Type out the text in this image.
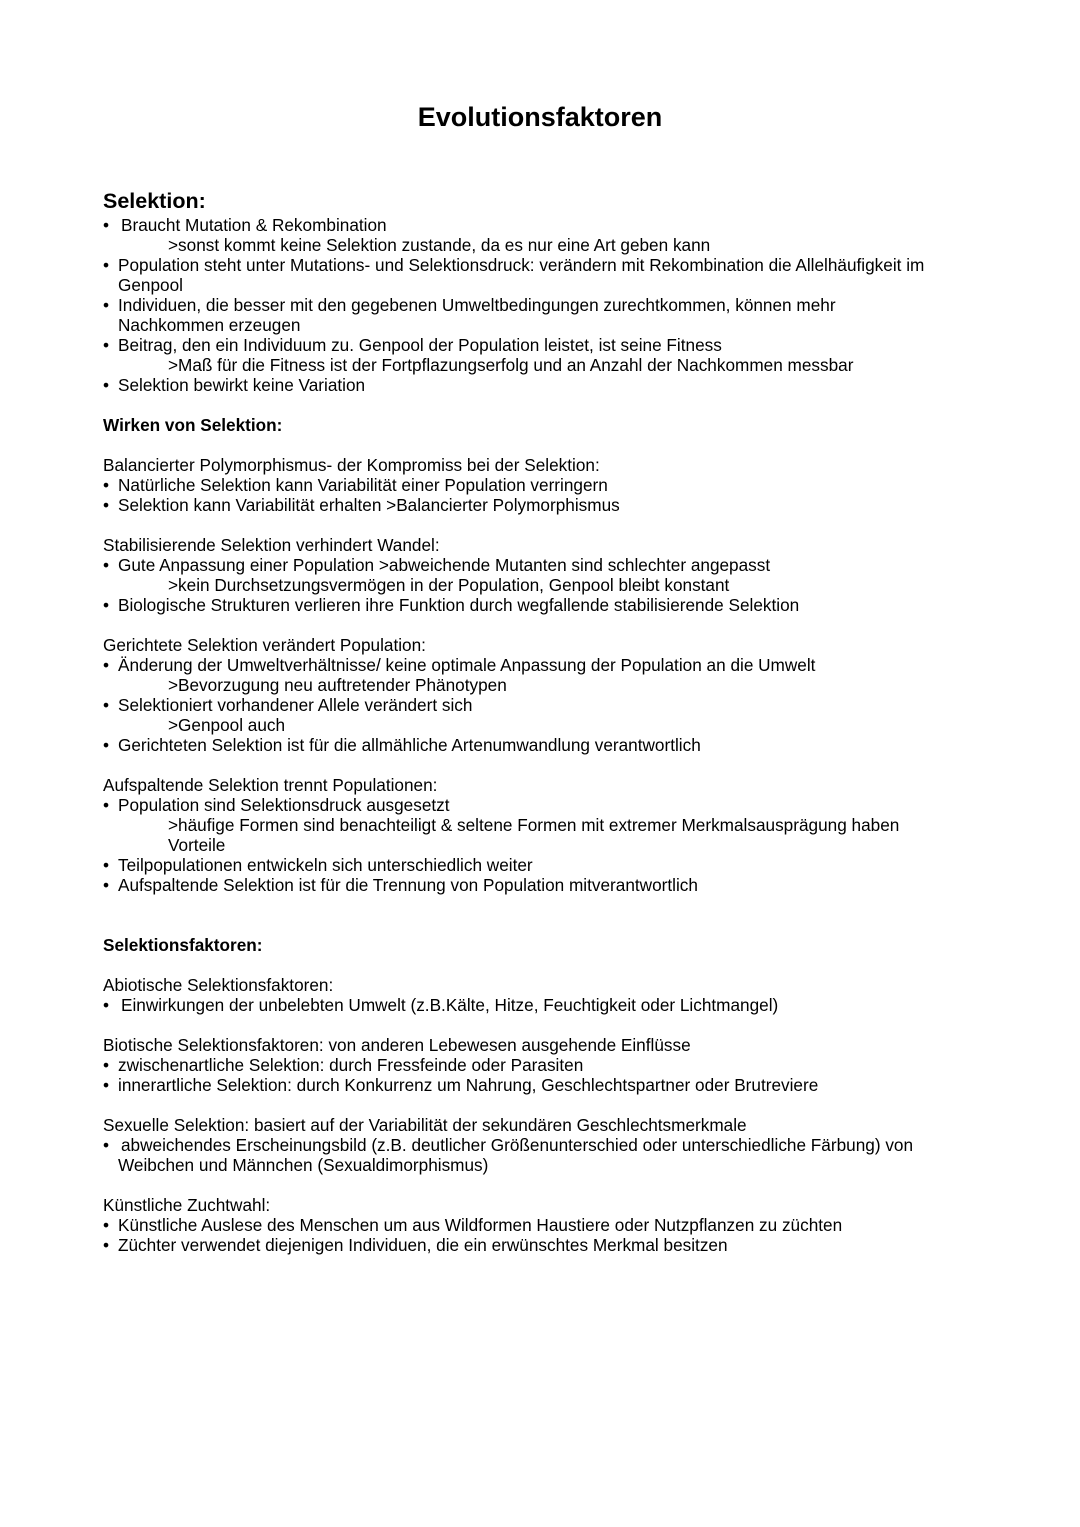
Evolutionsfaktoren
Selektion:
• Braucht Mutation & Rekombination
>sonst kommt keine Selektion zustande, da es nur eine Art geben kann
• Population steht unter Mutations- und Selektionsdruck: verändern mit Rekombination die Allelhäufigkeit im
Genpool
• Individuen, die besser mit den gegebenen Umweltbedingungen zurechtkommen, können mehr
Nachkommen erzeugen
• Beitrag, den ein Individuum zu. Genpool der Population leistet, ist seine Fitness
>Maß für die Fitness ist der Fortpflazungserfolg und an Anzahl der Nachkommen messbar
• Selektion bewirkt keine Variation
Wirken von Selektion:
Balancierter Polymorphismus- der Kompromiss bei der Selektion:
• Natürliche Selektion kann Variabilität einer Population verringern
• Selektion kann Variabilität erhalten >Balancierter Polymorphismus
Stabilisierende Selektion verhindert Wandel:
• Gute Anpassung einer Population >abweichende Mutanten sind schlechter angepasst
>kein Durchsetzungsvermögen in der Population, Genpool bleibt konstant
• Biologische Strukturen verlieren ihre Funktion durch wegfallende stabilisierende Selektion
Gerichtete Selektion verändert Population:
• Änderung der Umweltverhältnisse/ keine optimale Anpassung der Population an die Umwelt
>Bevorzugung neu auftretender Phänotypen
• Selektioniert vorhandener Allele verändert sich
>Genpool auch
• Gerichteten Selektion ist für die allmähliche Artenumwandlung verantwortlich
Aufspaltende Selektion trennt Populationen:
• Population sind Selektionsdruck ausgesetzt
>häufige Formen sind benachteiligt & seltene Formen mit extremer Merkmalsausprägung haben
Vorteile
• Teilpopulationen entwickeln sich unterschiedlich weiter
• Aufspaltende Selektion ist für die Trennung von Population mitverantwortlich
Selektionsfaktoren:
Abiotische Selektionsfaktoren:
• Einwirkungen der unbelebten Umwelt (z.B.Kälte, Hitze, Feuchtigkeit oder Lichtmangel)
Biotische Selektionsfaktoren: von anderen Lebewesen ausgehende Einflüsse
• zwischenartliche Selektion: durch Fressfeinde oder Parasiten
• innerartliche Selektion: durch Konkurrenz um Nahrung, Geschlechtspartner oder Brutreviere
Sexuelle Selektion: basiert auf der Variabilität der sekundären Geschlechtsmerkmale
• abweichendes Erscheinungsbild (z.B. deutlicher Größenunterschied oder unterschiedliche Färbung) von
Weibchen und Männchen (Sexualdimorphismus)
Künstliche Zuchtwahl:
• Künstliche Auslese des Menschen um aus Wildformen Haustiere oder Nutzpflanzen zu züchten
• Züchter verwendet diejenigen Individuen, die ein erwünschtes Merkmal besitzen
